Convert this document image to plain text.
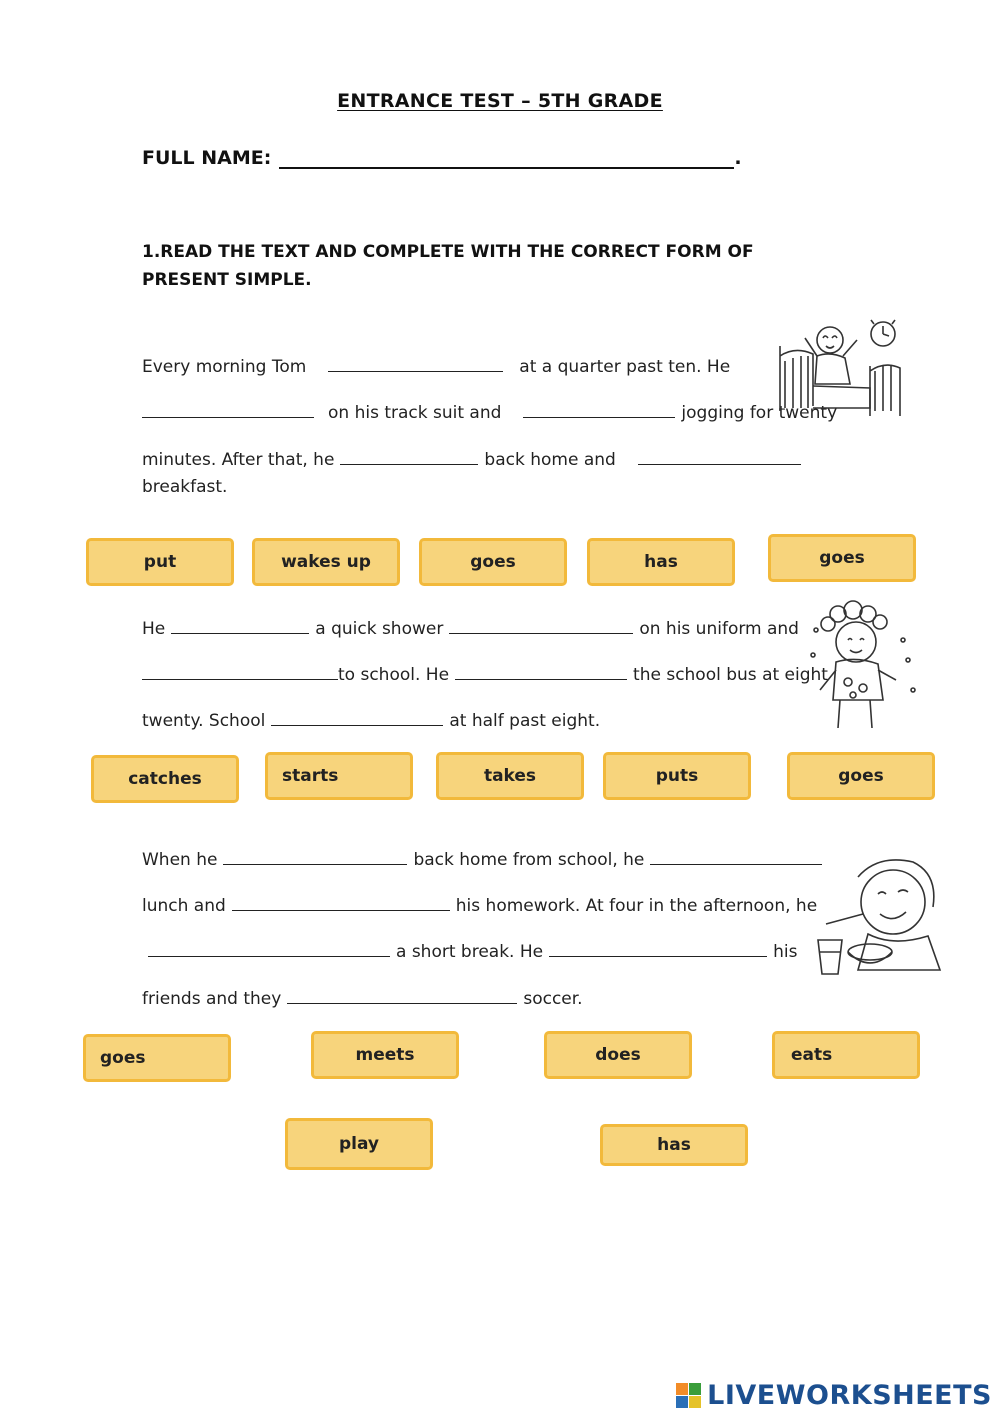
ENTRANCE TEST – 5TH GRADE
FULL NAME:	.
1.READ THE TEXT AND COMPLETE WITH THE CORRECT FORM OF
PRESENT SIMPLE.
Every morning Tom	at a quarter past ten. He
on his track suit and	jogging for twenty
minutes. After that, he	back home and
breakfast.
put	wakes up	goes	has	goes
He	a quick shower	on his uniform and
to school. He	the school bus at eight
twenty. School	at half past eight.
catches	starts	takes	puts	goes
When he	back home from school, he
lunch and	his homework. At four in the afternoon, he
a short break. He	his
friends and they	soccer.
goes	meets	does	eats
play	has
LIVEWORKSHEETS
